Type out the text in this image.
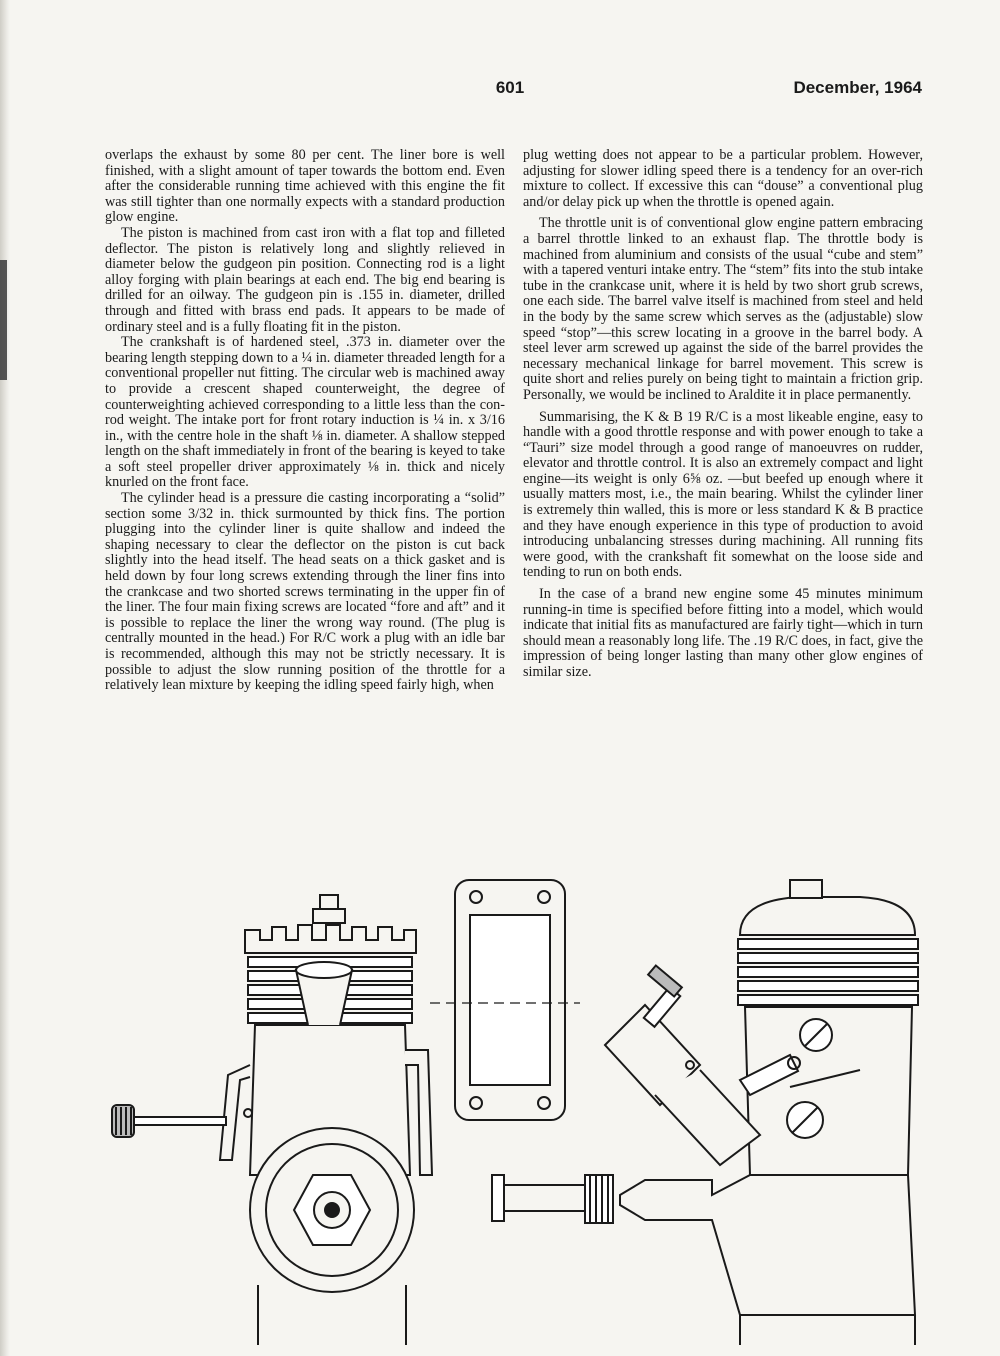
601	December, 1964

overlaps the exhaust by some 80 per cent. The liner bore is well finished, with a slight amount of taper towards the bottom end. Even after the considerable running time achieved with this engine the fit was still tighter than one normally expects with a standard production glow engine.

The piston is machined from cast iron with a flat top and filleted deflector. The piston is relatively long and slightly relieved in diameter below the gudgeon pin position. Connecting rod is a light alloy forging with plain bearings at each end. The big end bearing is drilled for an oilway. The gudgeon pin is .155 in. diameter, drilled through and fitted with brass end pads. It appears to be made of ordinary steel and is a fully floating fit in the piston.

The crankshaft is of hardened steel, .373 in. diameter over the bearing length stepping down to a ¼ in. diameter threaded length for a conventional propeller nut fitting. The circular web is machined away to provide a crescent shaped counterweight, the degree of counterweighting achieved corresponding to a little less than the con-rod weight. The intake port for front rotary induction is ¼ in. x 3/16 in., with the centre hole in the shaft ⅛ in. diameter. A shallow stepped length on the shaft immediately in front of the bearing is keyed to take a soft steel propeller driver approximately ⅛ in. thick and nicely knurled on the front face.

The cylinder head is a pressure die casting incorporating a “solid” section some 3/32 in. thick surmounted by thick fins. The portion plugging into the cylinder liner is quite shallow and indeed the shaping necessary to clear the deflector on the piston is cut back slightly into the head itself. The head seats on a thick gasket and is held down by four long screws extending through the liner fins into the crankcase and two shorted screws terminating in the upper fin of the liner. The four main fixing screws are located “fore and aft” and it is possible to replace the liner the wrong way round. (The plug is centrally mounted in the head.) For R/C work a plug with an idle bar is recommended, although this may not be strictly necessary. It is possible to adjust the slow running position of the throttle for a relatively lean mixture by keeping the idling speed fairly high, when

plug wetting does not appear to be a particular problem. However, adjusting for slower idling speed there is a tendency for an over-rich mixture to collect. If excessive this can “douse” a conventional plug and/or delay pick up when the throttle is opened again.

The throttle unit is of conventional glow engine pattern embracing a barrel throttle linked to an exhaust flap. The throttle body is machined from aluminium and consists of the usual “cube and stem” with a tapered venturi intake entry. The “stem” fits into the stub intake tube in the crankcase unit, where it is held by two short grub screws, one each side. The barrel valve itself is machined from steel and held in the body by the same screw which serves as the (adjustable) slow speed “stop”—this screw locating in a groove in the barrel body. A steel lever arm screwed up against the side of the barrel provides the necessary mechanical linkage for barrel movement. This screw is quite short and relies purely on being tight to maintain a friction grip. Personally, we would be inclined to Araldite it in place permanently.

Summarising, the K & B 19 R/C is a most likeable engine, easy to handle with a good throttle response and with power enough to take a “Tauri” size model through a good range of manoeuvres on rudder, elevator and throttle control. It is also an extremely compact and light engine—its weight is only 6⅝ oz. —but beefed up enough where it usually matters most, i.e., the main bearing. Whilst the cylinder liner is extremely thin walled, this is more or less standard K & B practice and they have enough experience in this type of production to avoid introducing unbalancing stresses during machining. All running fits were good, with the crankshaft fit somewhat on the loose side and tending to run on both ends.

In the case of a brand new engine some 45 minutes minimum running-in time is specified before fitting into a model, which would indicate that initial fits as manufactured are fairly tight—which in turn should mean a reasonably long life. The .19 R/C does, in fact, give the impression of being longer lasting than many other glow engines of similar size.
